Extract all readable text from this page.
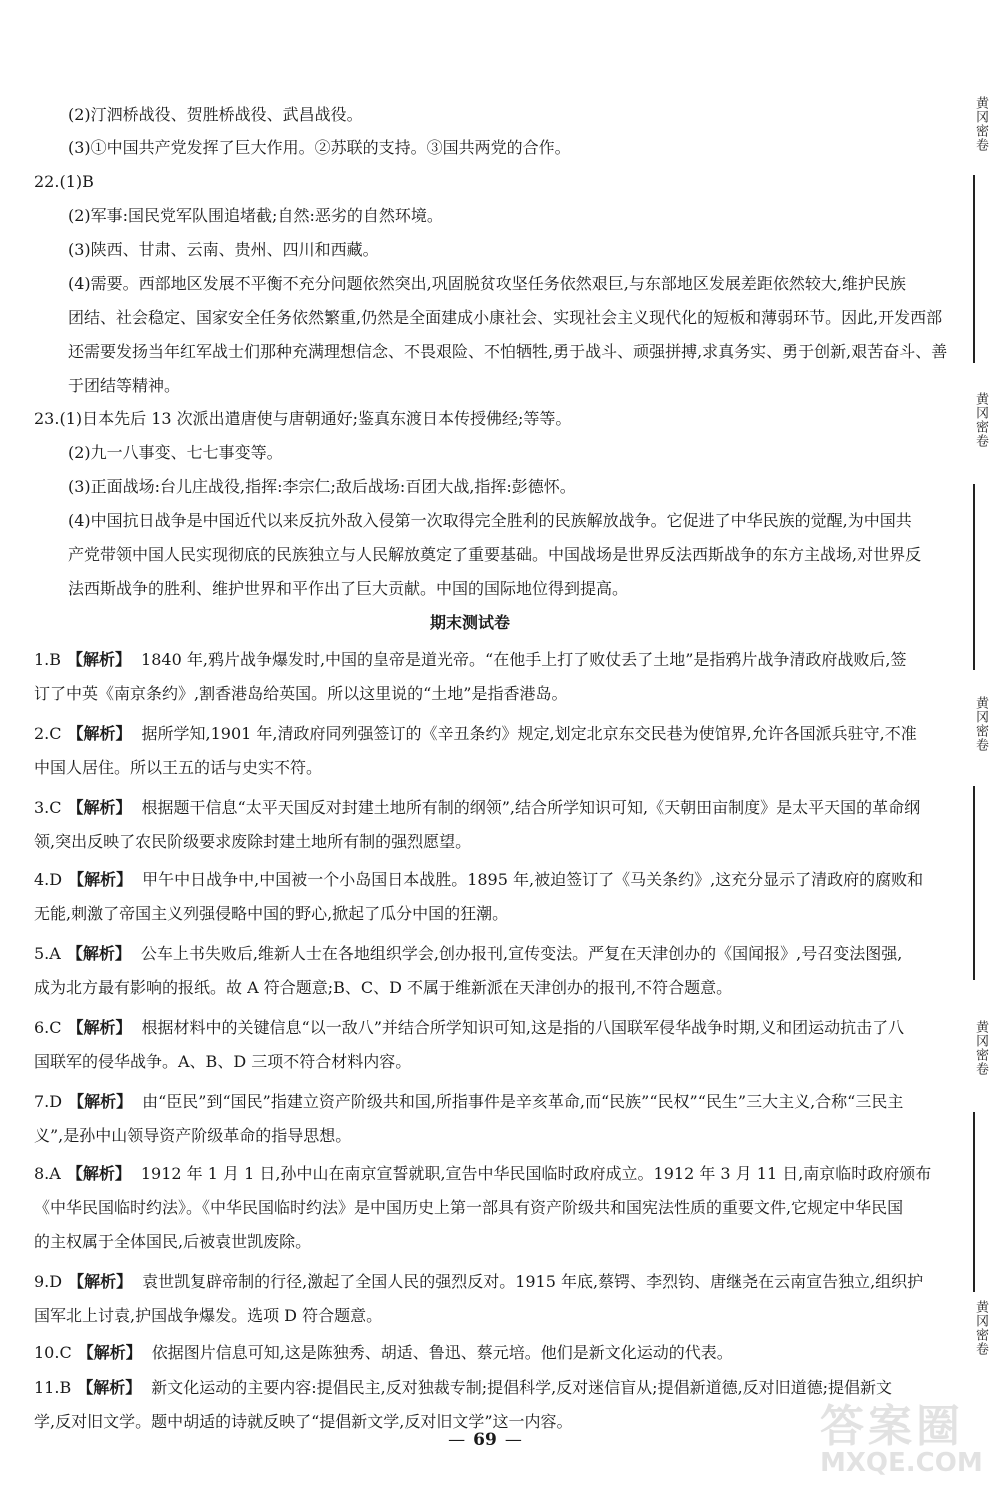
(2)汀泗桥战役、贺胜桥战役、武昌战役。

(3)①中国共产党发挥了巨大作用。②苏联的支持。③国共两党的合作。

22.(1)B

(2)军事:国民党军队围追堵截;自然:恶劣的自然环境。

(3)陕西、甘肃、云南、贵州、四川和西藏。

(4)需要。西部地区发展不平衡不充分问题依然突出,巩固脱贫攻坚任务依然艰巨,与东部地区发展差距依然较大,维护民族

团结、社会稳定、国家安全任务依然繁重,仍然是全面建成小康社会、实现社会主义现代化的短板和薄弱环节。因此,开发西部

还需要发扬当年红军战士们那种充满理想信念、不畏艰险、不怕牺牲,勇于战斗、顽强拼搏,求真务实、勇于创新,艰苦奋斗、善

于团结等精神。

23.(1)日本先后 13 次派出遣唐使与唐朝通好;鉴真东渡日本传授佛经;等等。

(2)九一八事变、七七事变等。

(3)正面战场:台儿庄战役,指挥:李宗仁;敌后战场:百团大战,指挥:彭德怀。

(4)中国抗日战争是中国近代以来反抗外敌入侵第一次取得完全胜利的民族解放战争。它促进了中华民族的觉醒,为中国共

产党带领中国人民实现彻底的民族独立与人民解放奠定了重要基础。中国战场是世界反法西斯战争的东方主战场,对世界反

法西斯战争的胜利、维护世界和平作出了巨大贡献。中国的国际地位得到提高。

期末测试卷

1.B 【解析】 1840 年,鸦片战争爆发时,中国的皇帝是道光帝。“在他手上打了败仗丢了土地”是指鸦片战争清政府战败后,签

订了中英《南京条约》,割香港岛给英国。所以这里说的“土地”是指香港岛。

2.C 【解析】 据所学知,1901 年,清政府同列强签订的《辛丑条约》规定,划定北京东交民巷为使馆界,允许各国派兵驻守,不准

中国人居住。所以王五的话与史实不符。

3.C 【解析】 根据题干信息“太平天国反对封建土地所有制的纲领”,结合所学知识可知,《天朝田亩制度》是太平天国的革命纲

领,突出反映了农民阶级要求废除封建土地所有制的强烈愿望。

4.D 【解析】 甲午中日战争中,中国被一个小岛国日本战胜。1895 年,被迫签订了《马关条约》,这充分显示了清政府的腐败和

无能,刺激了帝国主义列强侵略中国的野心,掀起了瓜分中国的狂潮。

5.A 【解析】 公车上书失败后,维新人士在各地组织学会,创办报刊,宣传变法。严复在天津创办的《国闻报》,号召变法图强,

成为北方最有影响的报纸。故 A 符合题意;B、C、D 不属于维新派在天津创办的报刊,不符合题意。

6.C 【解析】 根据材料中的关键信息“以一敌八”并结合所学知识可知,这是指的八国联军侵华战争时期,义和团运动抗击了八

国联军的侵华战争。A、B、D 三项不符合材料内容。

7.D 【解析】 由“臣民”到“国民”指建立资产阶级共和国,所指事件是辛亥革命,而“民族”“民权”“民生”三大主义,合称“三民主

义”,是孙中山领导资产阶级革命的指导思想。

8.A 【解析】 1912 年 1 月 1 日,孙中山在南京宣誓就职,宣告中华民国临时政府成立。1912 年 3 月 11 日,南京临时政府颁布

《中华民国临时约法》。《中华民国临时约法》是中国历史上第一部具有资产阶级共和国宪法性质的重要文件,它规定中华民国

的主权属于全体国民,后被袁世凯废除。

9.D 【解析】 袁世凯复辟帝制的行径,激起了全国人民的强烈反对。1915 年底,蔡锷、李烈钧、唐继尧在云南宣告独立,组织护

国军北上讨袁,护国战争爆发。选项 D 符合题意。

10.C 【解析】 依据图片信息可知,这是陈独秀、胡适、鲁迅、蔡元培。他们是新文化运动的代表。

11.B 【解析】 新文化运动的主要内容:提倡民主,反对独裁专制;提倡科学,反对迷信盲从;提倡新道德,反对旧道德;提倡新文

学,反对旧文学。题中胡适的诗就反映了“提倡新文学,反对旧文学”这一内容。

— 69 —
黄冈密卷
黄冈密卷
黄冈密卷
黄冈密卷
黄冈密卷
答案圈
MXQE.COM
